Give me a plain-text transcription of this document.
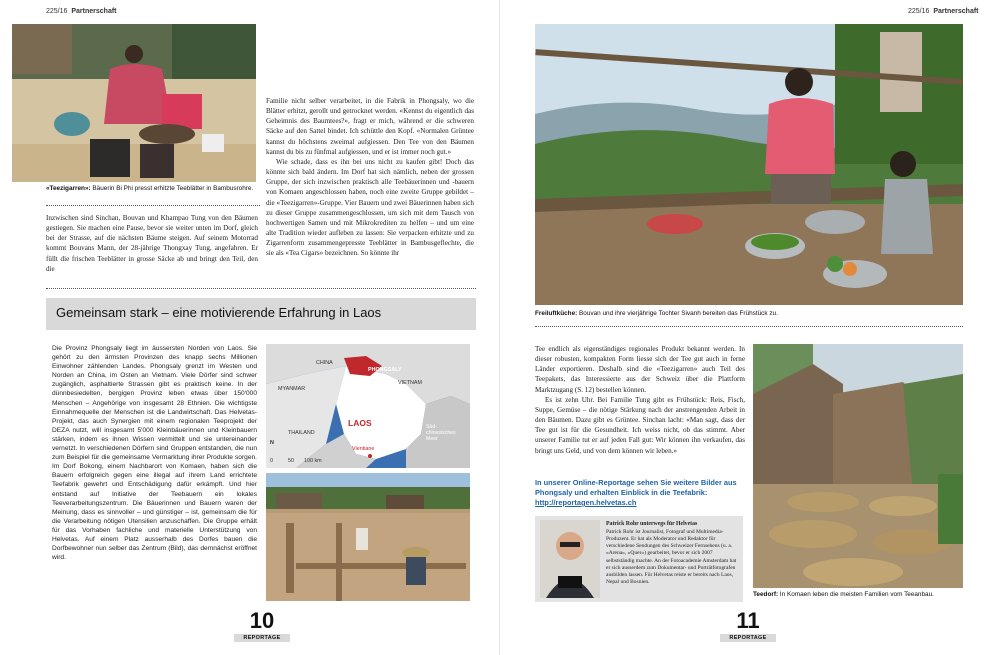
225/16 Partnerschaft
«Teezigarren»: Bäuerin Bi Phi presst erhitzte Teeblätter in Bambusrohre.

Inzwischen sind Sinchan, Bouvan und Khampao Tung von den Bäumen gestiegen. Sie machen eine Pause, bevor sie weiter unten im Dorf, gleich bei der Strasse, auf die nächsten Bäume steigen. Auf seinem Motorrad kommt Bouvans Mann, der 28-jährige Thongxay Tung, angefahren. Er füllt die frischen Teeblätter in grosse Säcke ab und bringt den Teil, den die

Familie nicht selber verarbeitet, in die Fabrik in Phongsaly, wo die Blätter erhitzt, gerollt und getrocknet werden. «Kennst du eigentlich das Geheimnis des Baumtees?», fragt er mich, während er die schweren Säcke auf den Sattel bindet. Ich schüttle den Kopf. «Normalen Grüntee kannst du höchstens zweimal aufgiessen. Den Tee von den Bäumen kannst du bis zu fünfmal aufgiessen, und er ist immer noch gut.»

Wie schade, dass es ihn bei uns nicht zu kaufen gibt! Doch das könnte sich bald ändern. Im Dorf hat sich nämlich, neben der grossen Gruppe, der sich inzwischen praktisch alle Teebäuerinnen und -bauern von Komaen angeschlossen haben, noch eine zweite Gruppe gebildet – die «Teezigarren»-Gruppe. Vier Bauern und zwei Bäuerinnen haben sich zu dieser Gruppe zusammengeschlossen, um sich mit dem Tausch von hochwertigen Samen und mit Mikrokrediten zu helfen – und um eine alte Tradition wieder aufleben zu lassen: Sie verpacken erhitzte und zu Zigarrenform zusammengepresste Teeblätter in Bambusgeflechte, die sie als «Tea Cigars» bezeichnen. So könnte ihr

Gemeinsam stark – eine motivierende Erfahrung in Laos
Die Provinz Phongsaly liegt im äussersten Norden von Laos. Sie gehört zu den ärmsten Provinzen des knapp sechs Millionen Einwohner zählenden Landes. Phongsaly grenzt im Westen und Norden an China, im Osten an Vietnam. Viele Dörfer sind schwer zugänglich, asphaltierte Strassen gibt es praktisch keine. In der dünnbesiedelten, bergigen Provinz leben etwas über 150'000 Menschen – Angehörige von insgesamt 28 Ethnien. Die wichtigste Einnahmequelle der Menschen ist die Landwirtschaft. Das Helvetas-Projekt, das auch Synergien mit einem regionalen Teeprojekt der DEZA nutzt, will insgesamt 5'000 Kleinbäuerinnen und Kleinbauern stärken, indem es ihnen Wissen vermittelt und sie untereinander vernetzt. In verschiedenen Dörfern sind Gruppen entstanden, die nun zum Beispiel für die gemeinsame Vermarktung ihrer Produkte sorgen. Im Dorf Bokong, einem Nachbarort von Komaen, haben sich die Bauern erfolgreich gegen eine illegal auf ihrem Land errichtete Teefabrik gewehrt und Entschädigung dafür erkämpft. Und hier entstand auf Initiative der Teebauern ein lokales Teeverarbeitungszentrum. Die Bäuerinnen und Bauern waren der Meinung, dass es sinnvoller – und günstiger – ist, gemeinsam die für die Verarbeitung nötigen Utensilien anzuschaffen. Die Gruppe erhält für das Vorhaben fachliche und materielle Unterstützung von Helvetas. Auf einem Platz ausserhalb des Dorfes bauen die Dorfbewohner nun selber das Zentrum (Bild), das demnächst eröffnet wird.
CHINA
PHONGSALY
MYANMAR
VIETNAM
LAOS
THAILAND
Süd-
chinesisches
Meer
Vientiane
N
0	50 100 km
10
REPORTAGE
225/16 Partnerschaft
Freiluftküche: Bouvan und ihre vierjährige Tochter Sivanh bereiten das Frühstück zu.

Tee endlich als eigenständiges regionales Produkt bekannt werden. In dieser robusten, kompakten Form liesse sich der Tee gut auch in ferne Länder exportieren. Deshalb sind die «Teezigarren» auch Teil des Teepakets, das Interessierte aus der Schweiz über die Plattform Marktzugang (S. 12) bestellen können.

Es ist zehn Uhr. Bei Familie Tung gibt es Frühstück: Reis, Fisch, Suppe, Gemüse – die nötige Stärkung nach der anstrengenden Arbeit in den Bäumen. Dazu gibt es Grüntee. Sinchan lacht: «Man sagt, dass der Tee gut ist für die Gesundheit. Ich weiss nicht, ob das stimmt. Aber unserer Familie tut er auf jeden Fall gut: Wir können ihn verkaufen, das bringt uns Geld, und von dem können wir leben.»

In unserer Online-Reportage sehen Sie weitere Bilder aus Phongsaly und erhalten Einblick in die Teefabrik:
http://reportagen.helvetas.ch
Patrick Rohr unterwegs für Helvetas
Patrick Rohr ist Journalist, Fotograf und Multimedia-Produzent. Er hat als Moderator und Redaktor für verschiedene Sendungen des Schweizer Fernsehens (u. a. «Arena», «Quer») gearbeitet, bevor er sich 2007 selbstständig machte. An der Fotoacademie Amsterdam hat er sich ausserdem zum Dokumentar- und Porträtfotografen ausbilden lassen. Für Helvetas reiste er bereits nach Laos, Nepal und Bosnien.
Teedorf: In Komaen leben die meisten Familien vom Teeanbau.
11
REPORTAGE
